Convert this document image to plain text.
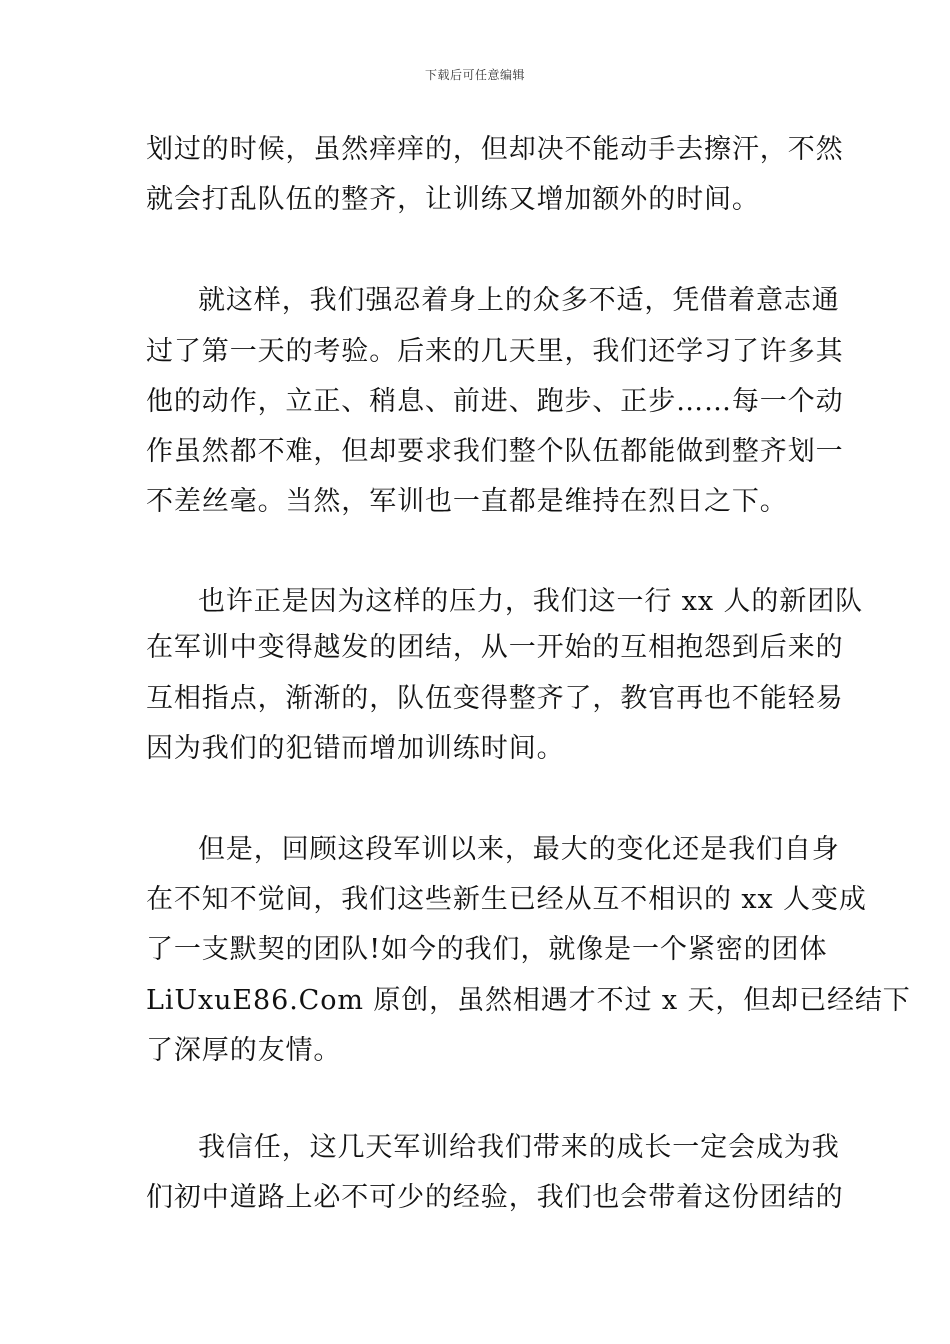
下载后可任意编辑
划过的时候，虽然痒痒的，但却决不能动手去擦汗，不然
就会打乱队伍的整齐，让训练又增加额外的时间。
就这样，我们强忍着身上的众多不适，凭借着意志通
过了第一天的考验。后来的几天里，我们还学习了许多其
他的动作，立正、稍息、前进、跑步、正步……每一个动
作虽然都不难，但却要求我们整个队伍都能做到整齐划一
不差丝毫。当然，军训也一直都是维持在烈日之下。
也许正是因为这样的压力，我们这一行 xx 人的新团队
在军训中变得越发的团结，从一开始的互相抱怨到后来的
互相指点，渐渐的，队伍变得整齐了，教官再也不能轻易
因为我们的犯错而增加训练时间。
但是，回顾这段军训以来，最大的变化还是我们自身
在不知不觉间，我们这些新生已经从互不相识的 xx 人变成
了一支默契的团队!如今的我们，就像是一个紧密的团体
LiUxuE86.Com 原创，虽然相遇才不过 x 天，但却已经结下
了深厚的友情。
我信任，这几天军训给我们带来的成长一定会成为我
们初中道路上必不可少的经验，我们也会带着这份团结的
